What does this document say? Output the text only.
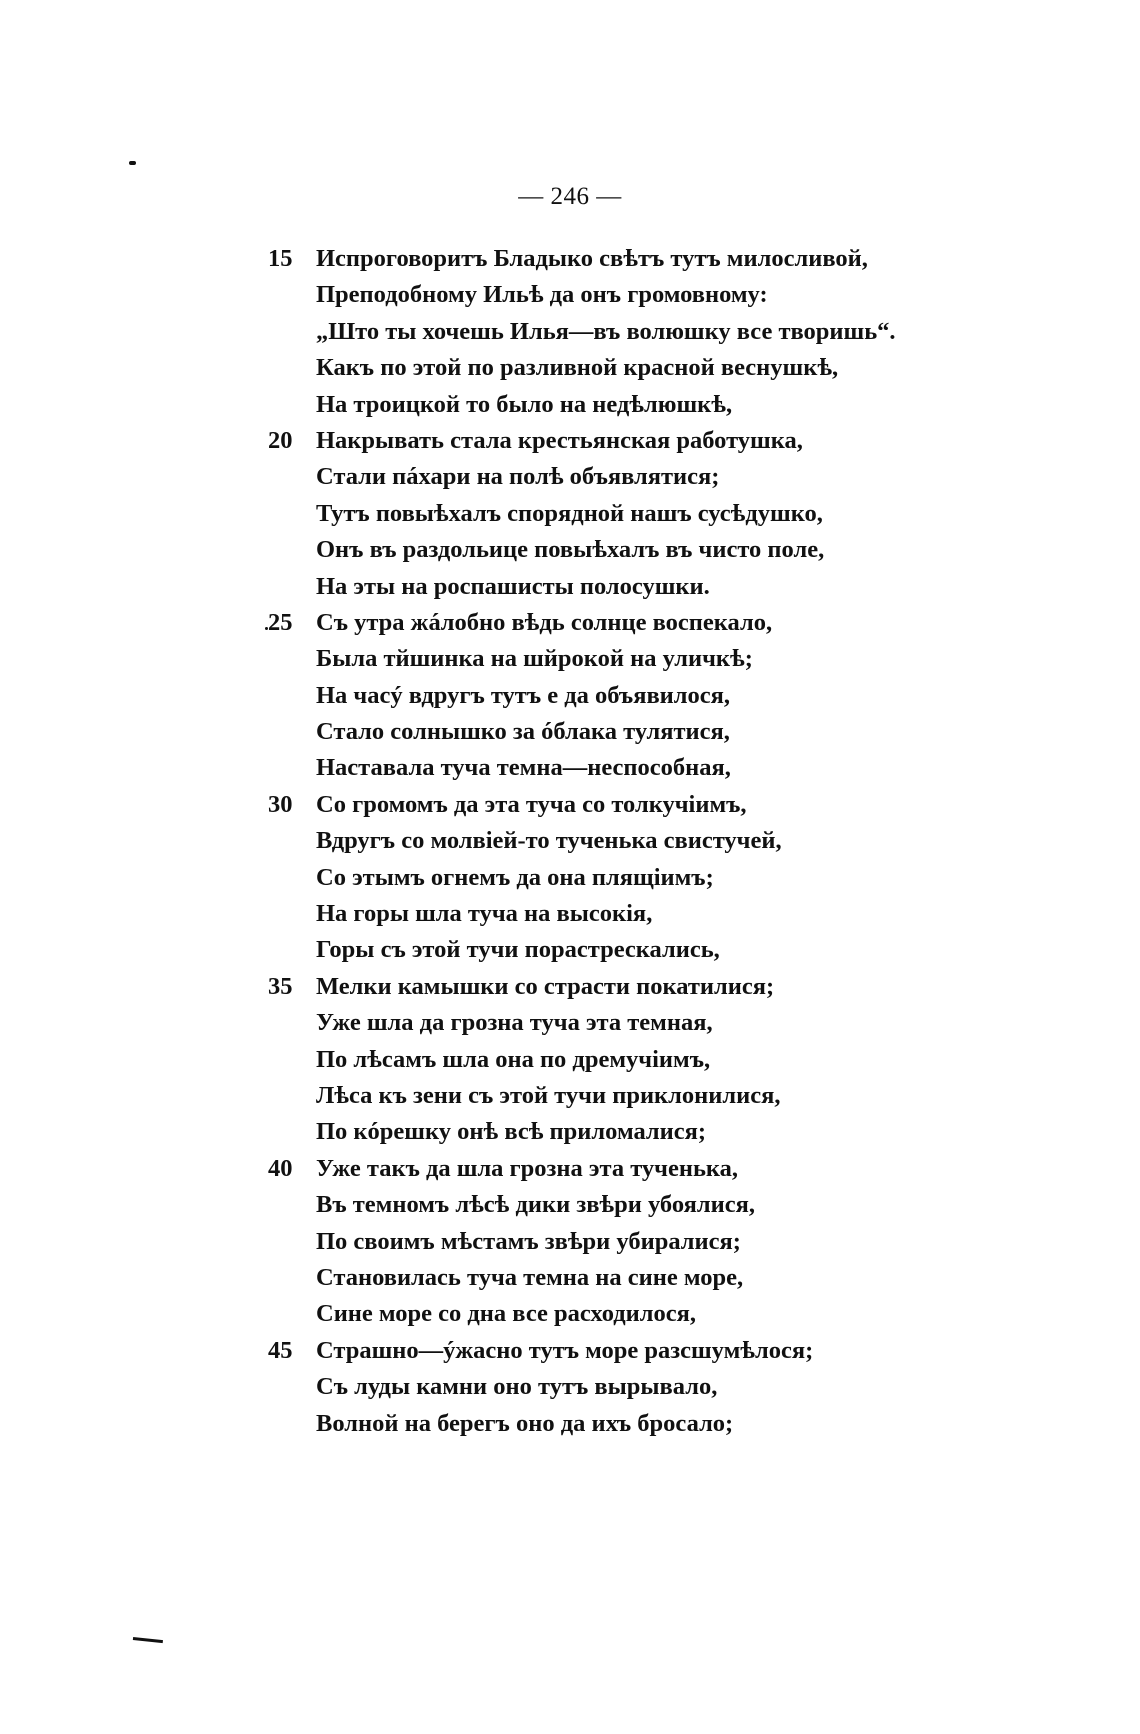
— 246 —
15 Испроговоритъ Бладыко свѣтъ тутъ милосливой,
Преподобному Ильѣ да онъ громовному:
„Што ты хочешь Илья—въ волюшку все творишь“.
Какъ по этой по разливной красной веснушкѣ,
На троицкой то было на недѣлюшкѣ,
20 Накрывать стала крестьянская работушка,
Стали пáхари на полѣ объявлятися;
Тутъ повыѣхалъ спорядной нашъ сусѣдушко,
Онъ въ раздольице повыѣхалъ въ чисто поле,
На эты на роспашисты полосушки.
25 Съ утра жáлобно вѣдь солнце воспекало,
Была тйшинка на шйрокой на уличкѣ;
На часý вдругъ тутъ е да объявилося,
Стало солнышко за óблака тулятися,
Наставала туча темна—неспособная,
30 Со громомъ да эта туча со толкучіимъ,
Вдругъ со молвіей-то тученька свистучей,
Со этымъ огнемъ да она плящіимъ;
На горы шла туча на высокія,
Горы съ этой тучи порастрескались,
35 Мелки камышки со страсти покатилися;
Уже шла да грозна туча эта темная,
По лѣсамъ шла она по дремучіимъ,
Лѣса къ зени съ этой тучи приклонилися,
По кóрешку онѣ всѣ приломалися;
40 Уже такъ да шла грозна эта тученька,
Въ темномъ лѣсѣ дики звѣри убоялися,
По своимъ мѣстамъ звѣри убиралися;
Становилась туча темна на сине море,
Сине море со дна все расходилося,
45 Страшно—ýжасно тутъ море разсшумѣлося;
Съ луды камни оно тутъ вырывало,
Волной на берегъ оно да ихъ бросало;
